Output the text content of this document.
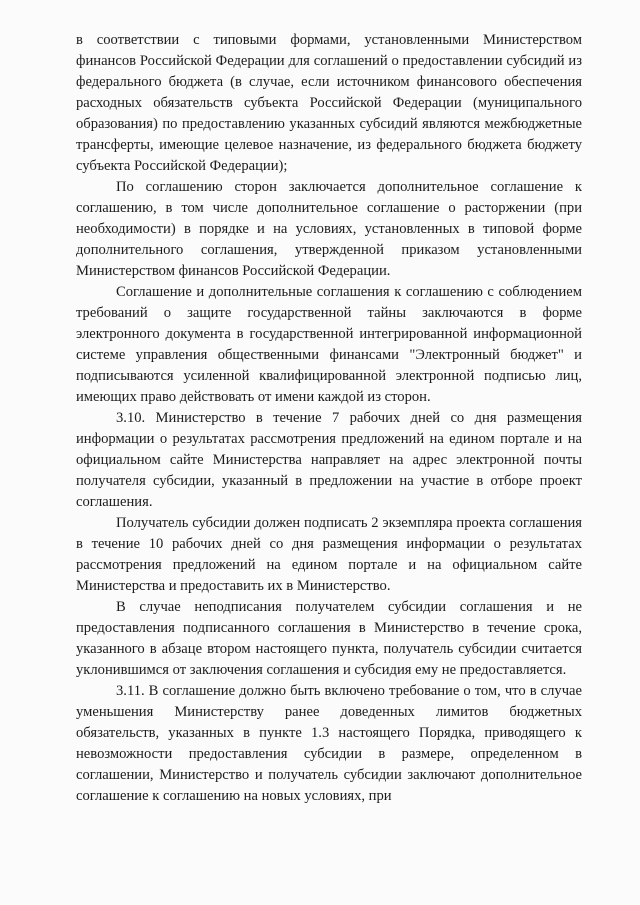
в соответствии с типовыми формами, установленными Министерством финансов Российской Федерации для соглашений о предоставлении субсидий из федерального бюджета (в случае, если источником финансового обеспечения расходных обязательств субъекта Российской Федерации (муниципального образования) по предоставлению указанных субсидий являются межбюджетные трансферты, имеющие целевое назначение, из федерального бюджета бюджету субъекта Российской Федерации);

По соглашению сторон заключается дополнительное соглашение к соглашению, в том числе дополнительное соглашение о расторжении (при необходимости) в порядке и на условиях, установленных в типовой форме дополнительного соглашения, утвержденной приказом установленными Министерством финансов Российской Федерации.

Соглашение и дополнительные соглашения к соглашению с соблюдением требований о защите государственной тайны заключаются в форме электронного документа в государственной интегрированной информационной системе управления общественными финансами "Электронный бюджет" и подписываются усиленной квалифицированной электронной подписью лиц, имеющих право действовать от имени каждой из сторон.

3.10. Министерство в течение 7 рабочих дней со дня размещения информации о результатах рассмотрения предложений на едином портале и на официальном сайте Министерства направляет на адрес электронной почты получателя субсидии, указанный в предложении на участие в отборе проект соглашения.

Получатель субсидии должен подписать 2 экземпляра проекта соглашения в течение 10 рабочих дней со дня размещения информации о результатах рассмотрения предложений на едином портале и на официальном сайте Министерства и предоставить их в Министерство.

В случае неподписания получателем субсидии соглашения и не предоставления подписанного соглашения в Министерство в течение срока, указанного в абзаце втором настоящего пункта, получатель субсидии считается уклонившимся от заключения соглашения и субсидия ему не предоставляется.

3.11. В соглашение должно быть включено требование о том, что в случае уменьшения Министерству ранее доведенных лимитов бюджетных обязательств, указанных в пункте 1.3 настоящего Порядка, приводящего к невозможности предоставления субсидии в размере, определенном в соглашении, Министерство и получатель субсидии заключают дополнительное соглашение к соглашению на новых условиях, при
